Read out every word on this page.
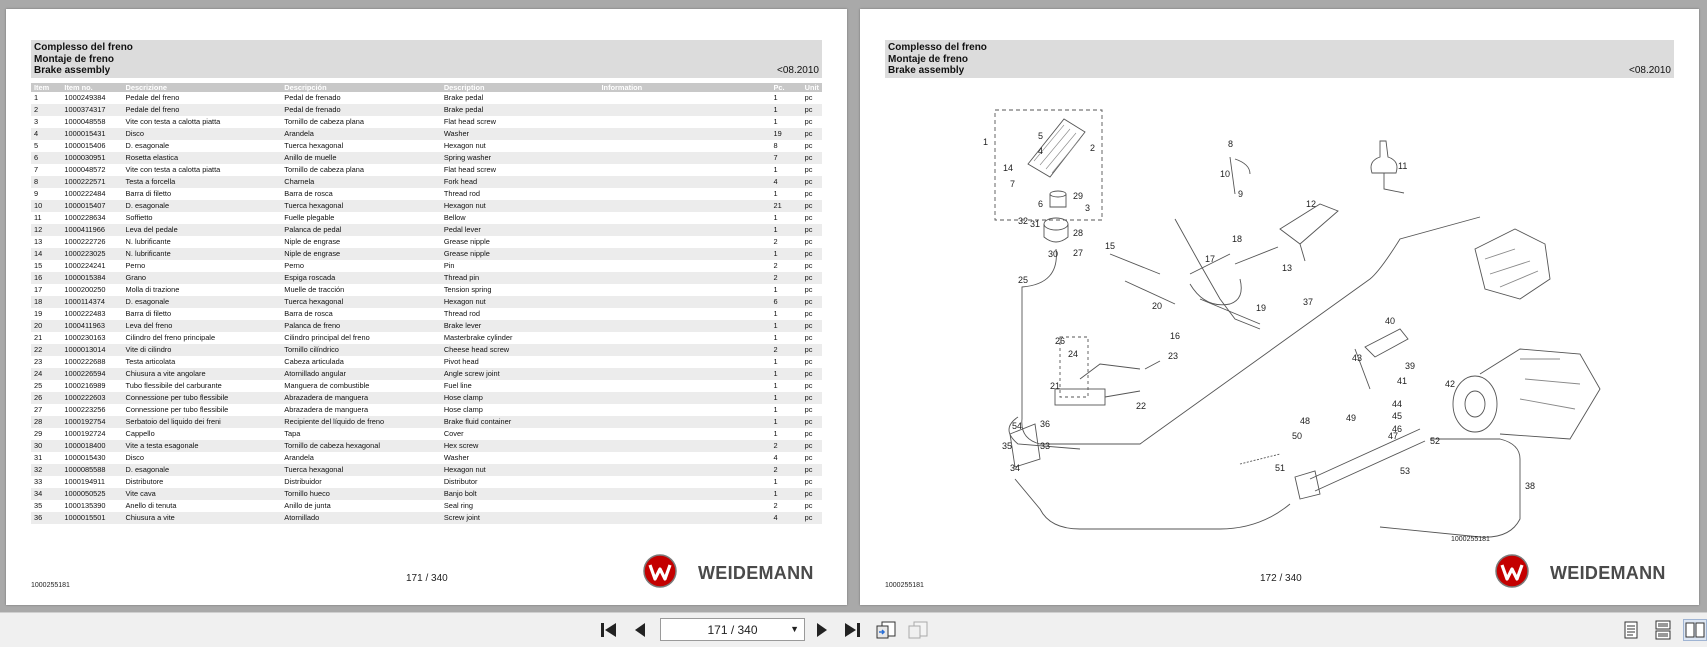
Complesso del freno
Montaje de freno
Brake assembly	<08.2010
Item	Item no.	Descrizione	Descripción	Description	Information	Pc.	Unit
1	1000249384	Pedale del freno	Pedal de frenado	Brake pedal		1	pc
2	1000374317	Pedale del freno	Pedal de frenado	Brake pedal		1	pc
3	1000048558	Vite con testa a calotta piatta	Tornillo de cabeza plana	Flat head screw		1	pc
4	1000015431	Disco	Arandela	Washer		19	pc
5	1000015406	D. esagonale	Tuerca hexagonal	Hexagon nut		8	pc
6	1000030951	Rosetta elastica	Anillo de muelle	Spring washer		7	pc
7	1000048572	Vite con testa a calotta piatta	Tornillo de cabeza plana	Flat head screw		1	pc
8	1000222571	Testa a forcella	Charnela	Fork head		4	pc
9	1000222484	Barra di filetto	Barra de rosca	Thread rod		1	pc
10	1000015407	D. esagonale	Tuerca hexagonal	Hexagon nut		21	pc
11	1000228634	Soffietto	Fuelle plegable	Bellow		1	pc
12	1000411966	Leva del pedale	Palanca de pedal	Pedal lever		1	pc
13	1000222726	N. lubrificante	Niple de engrase	Grease nipple		2	pc
14	1000223025	N. lubrificante	Niple de engrase	Grease nipple		1	pc
15	1000224241	Perno	Perno	Pin		2	pc
16	1000015384	Grano	Espiga roscada	Thread pin		2	pc
17	1000200250	Molla di trazione	Muelle de tracción	Tension spring		1	pc
18	1000114374	D. esagonale	Tuerca hexagonal	Hexagon nut		6	pc
19	1000222483	Barra di filetto	Barra de rosca	Thread rod		1	pc
20	1000411963	Leva del freno	Palanca de freno	Brake lever		1	pc
21	1000230163	Cilindro del freno principale	Cilindro principal del freno	Masterbrake cylinder		1	pc
22	1000013014	Vite di cilindro	Tornillo cilíndrico	Cheese head screw		2	pc
23	1000222688	Testa articolata	Cabeza articulada	Pivot head		1	pc
24	1000226594	Chiusura a vite angolare	Atornillado angular	Angle screw joint		1	pc
25	1000216989	Tubo flessibile del carburante	Manguera de combustible	Fuel line		1	pc
26	1000222603	Connessione per tubo flessibile	Abrazadera de manguera	Hose clamp		1	pc
27	1000223256	Connessione per tubo flessibile	Abrazadera de manguera	Hose clamp		1	pc
28	1000192754	Serbatoio del liquido dei freni	Recipiente del líquido de freno	Brake fluid container		1	pc
29	1000192724	Cappello	Tapa	Cover		1	pc
30	1000018400	Vite a testa esagonale	Tornillo de cabeza hexagonal	Hex screw		2	pc
31	1000015430	Disco	Arandela	Washer		4	pc
32	1000085588	D. esagonale	Tuerca hexagonal	Hexagon nut		2	pc
33	1000194911	Distributore	Distribuidor	Distributor		1	pc
34	1000050525	Vite cava	Tornillo hueco	Banjo bolt		1	pc
35	1000135390	Anello di tenuta	Anillo de junta	Seal ring		2	pc
36	1000015501	Chiusura a vite	Atornillado	Screw joint		4	pc
1000255181
171 / 340	WEIDEMANN
Complesso del freno
Montaje de freno
Brake assembly	<08.2010
1
2
3
4
5
6
7
8
9
10
11
12
13
14
15
16
17
18
19
20
21
22
23
24
25
26
27
28
29
30
31
32
33
34
35
36
37
38
39
40
41	42
43
44
45
46
47
48	49
50
51
52
53
54
1000255181
1000255181
172 / 340	WEIDEMANN
171 / 340	▼
